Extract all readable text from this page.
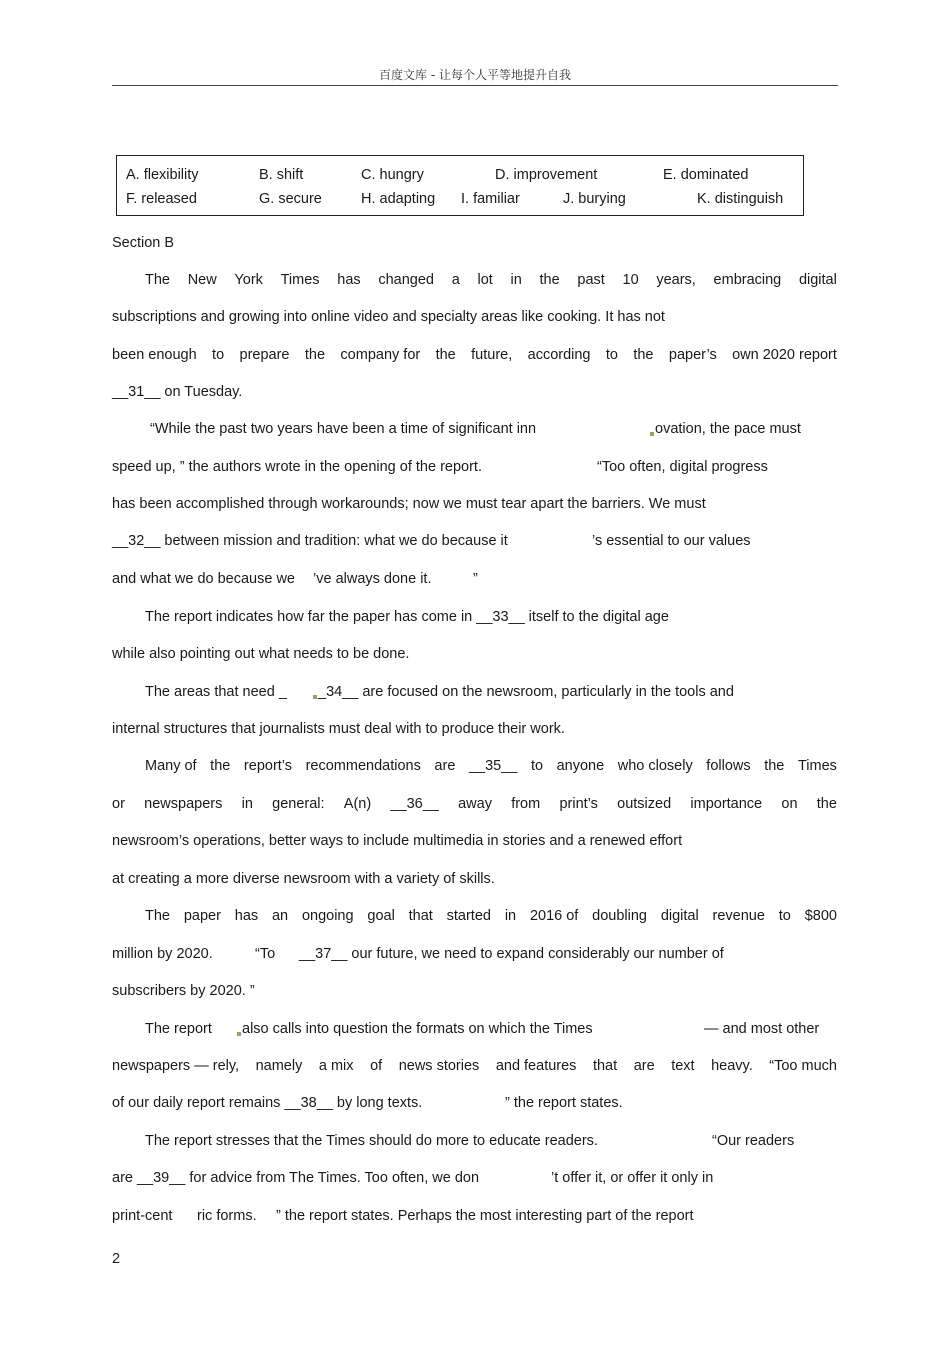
百度文库 - 让每个人平等地提升自我
A. flexibility	B. shift	C. hungry	D. improvement	E. dominated
F. released	G. secure	H. adapting I. familiar	J. burying	K. distinguish
Section B
The New York Times has changed a lot in the past 10 years, embracing digital
subscriptions and growing into online video and specialty areas like cooking. It has not
been enough to prepare the company for the future, according to the paper’s own 2020 report
__31__ on Tuesday.
“While the past two years have been a time of significant inn	ovation, the pace must
speed up, ” the authors wrote in the opening of the report.	“Too often, digital progress
has been accomplished through workarounds; now we must tear apart the barriers. We must
__32__ between mission and tradition: what we do because it	’s essential to our values
and what we do because we ’ve always done it.	”
The report indicates how far the paper has come in __33__ itself to the digital age
while also pointing out what needs to be done.
The areas that need _	_34__ are focused on the newsroom, particularly in the tools and
internal structures that journalists must deal with to produce their work.
Many of the report’s recommendations are __35__ to anyone who closely follows the Times
or newspapers in general: A(n) __36__ away from print’s outsized importance on the
newsroom’s operations, better ways to include multimedia in stories and a renewed effort
at creating a more diverse newsroom with a variety of skills.
The paper has an ongoing goal that started in 2016 of doubling digital revenue to $800
million by 2020.	“To __37__ our future, we need to expand considerably our number of
subscribers by 2020. ”
The report	also calls into question the formats on which the Times	— and most other
newspapers — rely, namely a mix of news stories and features that are text heavy. “Too much
of our daily report remains __38__ by long texts.	” the report states.
The report stresses that the Times should do more to educate readers.	“Our readers
are __39__ for advice from The Times. Too often, we don	’t offer it, or offer it only in
print-cent ric forms. ” the report states. Perhaps the most interesting part of the report
2
